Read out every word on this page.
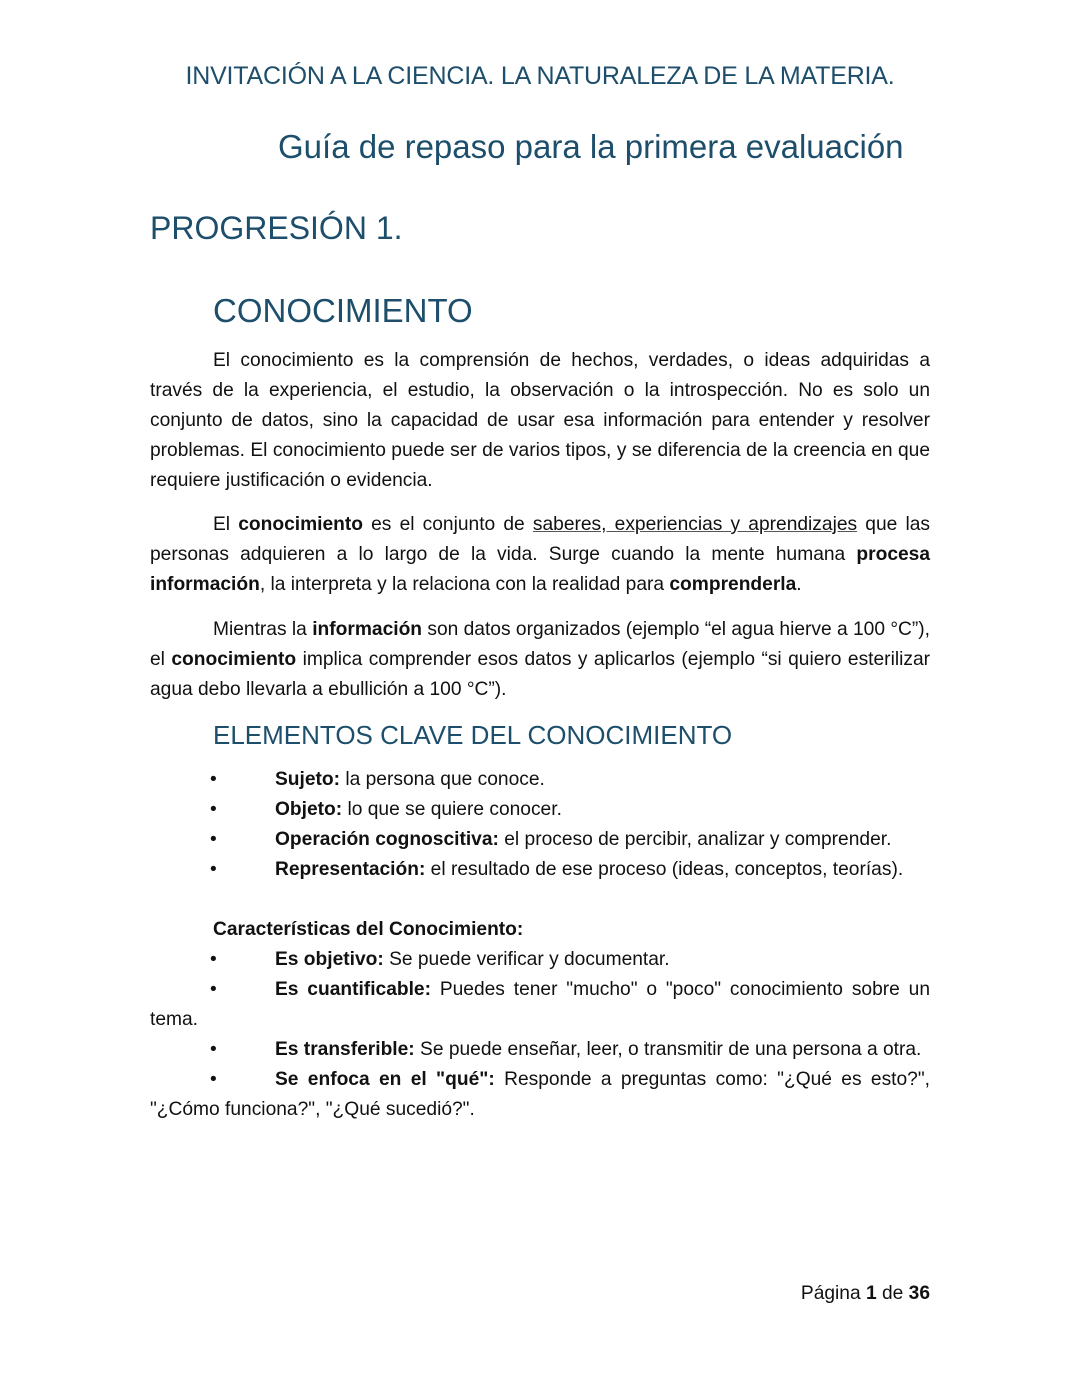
INVITACIÓN A LA CIENCIA. LA NATURALEZA DE LA MATERIA.
Guía de repaso para la primera evaluación
PROGRESIÓN 1.
CONOCIMIENTO

El conocimiento es la comprensión de hechos, verdades, o ideas adquiridas a través de la experiencia, el estudio, la observación o la introspección. No es solo un conjunto de datos, sino la capacidad de usar esa información para entender y resolver problemas. El conocimiento puede ser de varios tipos, y se diferencia de la creencia en que requiere justificación o evidencia.

El conocimiento es el conjunto de saberes, experiencias y aprendizajes que las personas adquieren a lo largo de la vida. Surge cuando la mente humana procesa información, la interpreta y la relaciona con la realidad para comprenderla.

Mientras la información son datos organizados (ejemplo “el agua hierve a 100 °C”), el conocimiento implica comprender esos datos y aplicarlos (ejemplo “si quiero esterilizar agua debo llevarla a ebullición a 100 °C”).

ELEMENTOS CLAVE DEL CONOCIMIENTO
•	Sujeto: la persona que conoce.
•	Objeto: lo que se quiere conocer.
•	Operación cognoscitiva: el proceso de percibir, analizar y comprender.
•	Representación: el resultado de ese proceso (ideas, conceptos, teorías).
Características del Conocimiento:
•	Es objetivo: Se puede verificar y documentar.
•	Es cuantificable: Puedes tener "mucho" o "poco" conocimiento sobre un tema.
•	Es transferible: Se puede enseñar, leer, o transmitir de una persona a otra.
•	Se enfoca en el "qué": Responde a preguntas como: "¿Qué es esto?", "¿Cómo funciona?", "¿Qué sucedió?".
Página 1 de 36
